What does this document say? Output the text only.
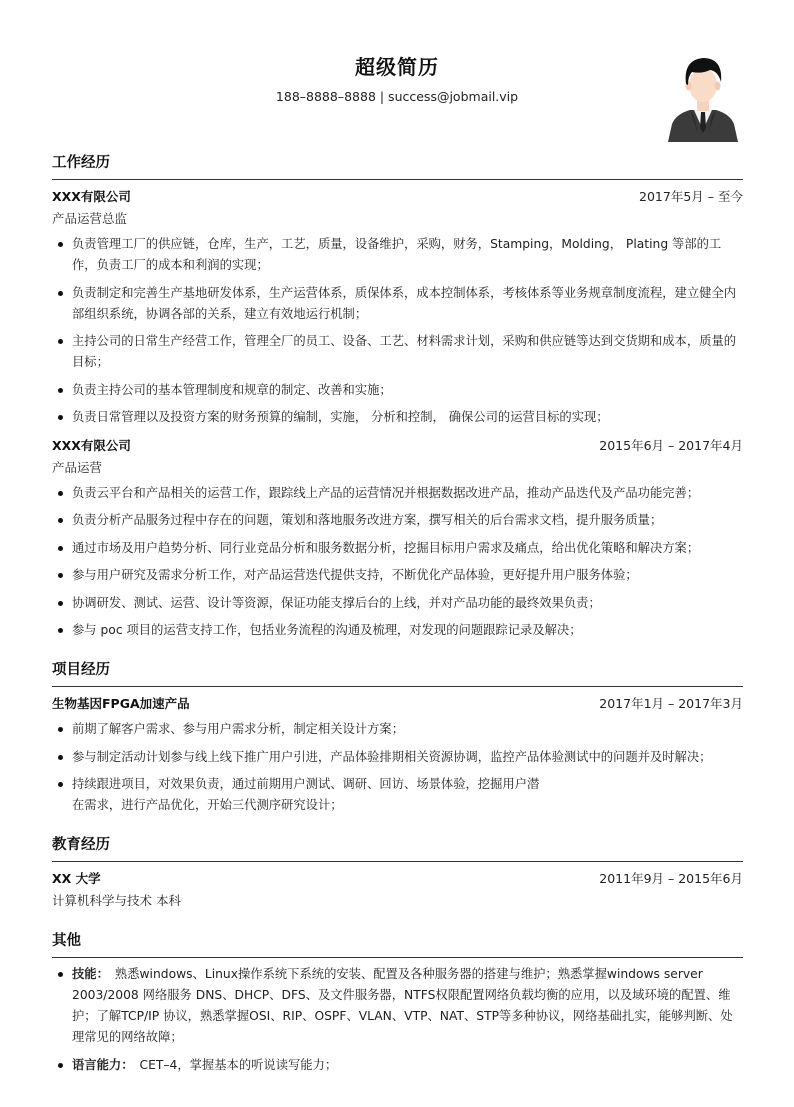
超级简历
188–8888–8888 | success@jobmail.vip
工作经历
XXX有限公司	2017年5月 – 至今
产品运营总监
负责管理工厂的供应链，仓库，生产，工艺，质量，设备维护，采购，财务，Stamping，Molding， Plating 等部的工作，负责工厂的成本和利润的实现；
负责制定和完善生产基地研发体系，生产运营体系，质保体系，成本控制体系，考核体系等业务规章制度流程，建立健全内部组织系统，协调各部的关系，建立有效地运行机制；
主持公司的日常生产经营工作，管理全厂的员工、设备、工艺、材料需求计划，采购和供应链等达到交货期和成本，质量的目标；
负责主持公司的基本管理制度和规章的制定、改善和实施；
负责日常管理以及投资方案的财务预算的编制，实施， 分析和控制， 确保公司的运营目标的实现；
XXX有限公司	2015年6月 – 2017年4月
产品运营
负责云平台和产品相关的运营工作，跟踪线上产品的运营情况并根据数据改进产品，推动产品迭代及产品功能完善；
负责分析产品服务过程中存在的问题，策划和落地服务改进方案，撰写相关的后台需求文档，提升服务质量；
通过市场及用户趋势分析、同行业竞品分析和服务数据分析，挖掘目标用户需求及痛点，给出优化策略和解决方案；
参与用户研究及需求分析工作，对产品运营迭代提供支持，不断优化产品体验，更好提升用户服务体验；
协调研发、测试、运营、设计等资源，保证功能支撑后台的上线，并对产品功能的最终效果负责；
参与 poc 项目的运营支持工作，包括业务流程的沟通及梳理，对发现的问题跟踪记录及解决；
项目经历
生物基因FPGA加速产品	2017年1月 – 2017年3月
前期了解客户需求、参与用户需求分析，制定相关设计方案；
参与制定活动计划参与线上线下推广用户引进，产品体验排期相关资源协调，监控产品体验测试中的问题并及时解决；
持续跟进项目，对效果负责，通过前期用户测试、调研、回访、场景体验，挖掘用户潜
在需求，进行产品优化，开始三代测序研究设计；
教育经历
XX 大学	2011年9月 – 2015年6月
计算机科学与技术 本科
其他
技能： 熟悉windows、Linux操作系统下系统的安装、配置及各种服务器的搭建与维护；熟悉掌握windows server 2003/2008 网络服务 DNS、DHCP、DFS、及文件服务器，NTFS权限配置网络负载均衡的应用，以及域环境的配置、维护；了解TCP/IP 协议，熟悉掌握OSI、RIP、OSPF、VLAN、VTP、NAT、STP等多种协议，网络基础扎实，能够判断、处理常见的网络故障；
语言能力： CET–4，掌握基本的听说读写能力；
